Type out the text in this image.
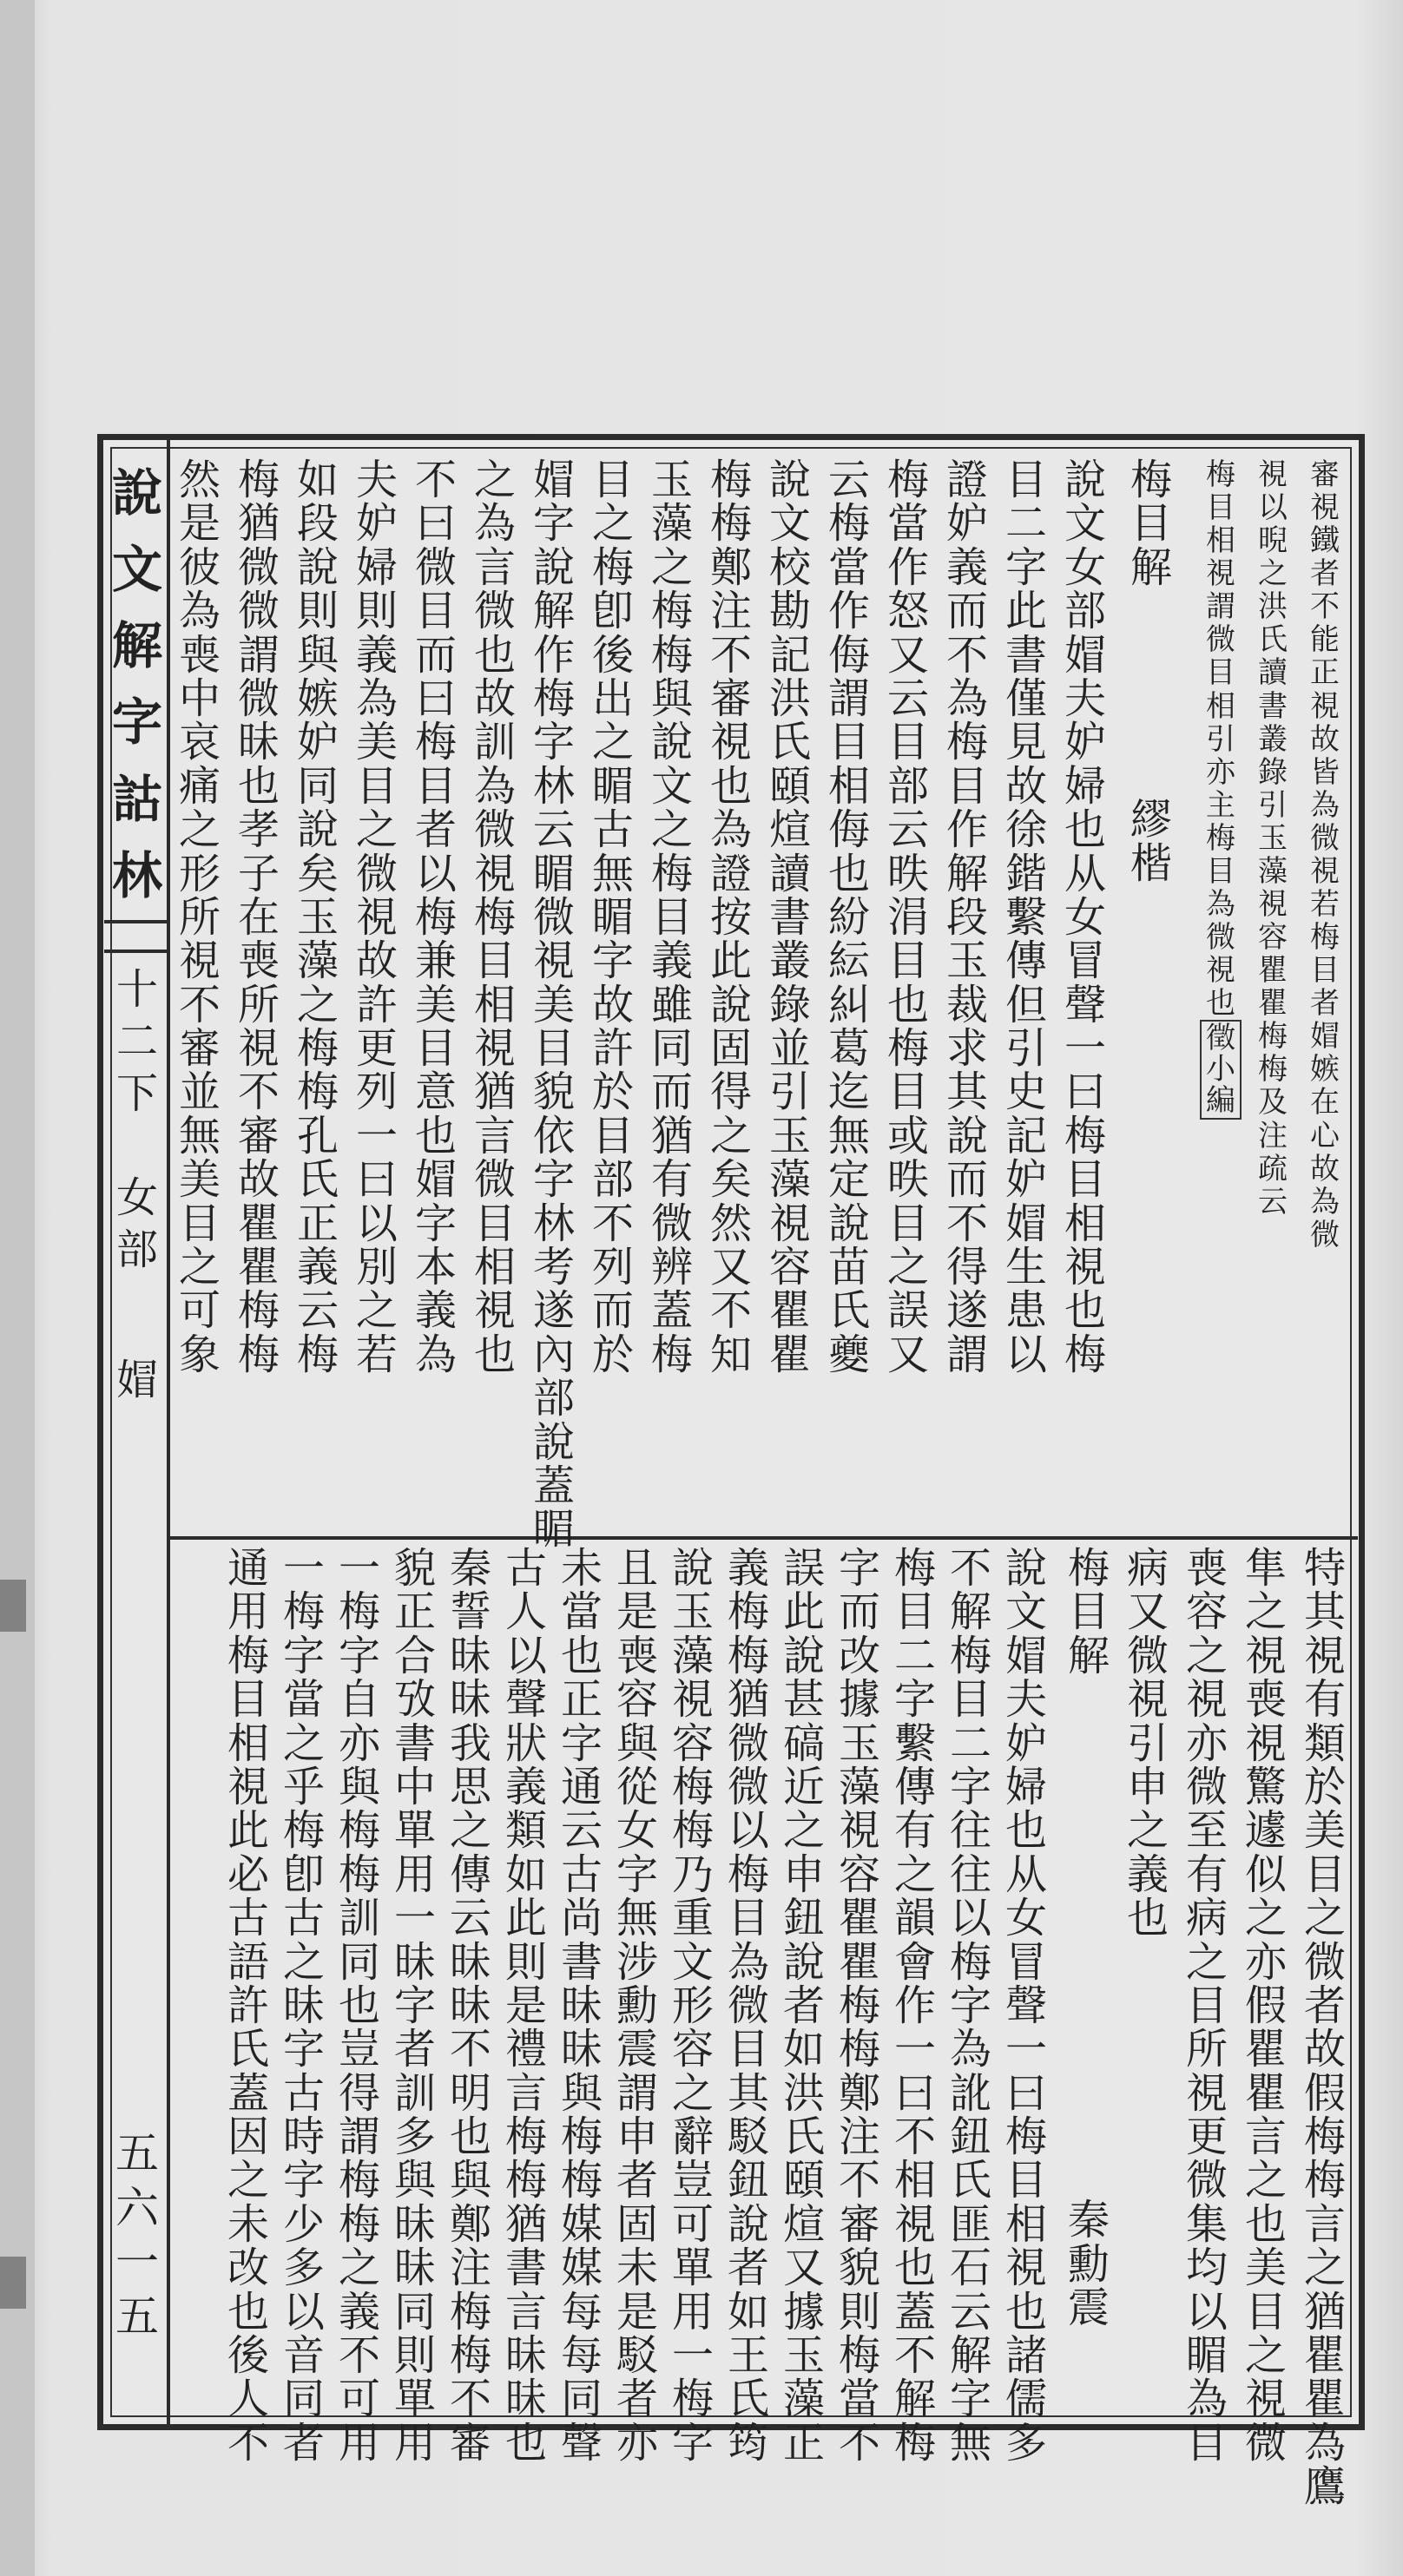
說文解字詁林
十二下
女部
媢
五六一五
審視鐵者不能正視故皆為微視若梅目者媢嫉在心故為微
視以晲之洪氏讀書叢錄引玉藻視容瞿瞿梅梅及注疏云
梅目相視謂微目相引亦主梅目為微視也 徵小編
梅目解
繆 楷
說文女部媢夫妒婦也从女冒聲一曰梅目相視也梅
目二字此書僅見故徐鍇繫傳但引史記妒媢生患以
證妒義而不為梅目作解段玉裁求其說而不得遂謂
梅當作怒又云目部云昳涓目也梅目或昳目之誤又
云梅當作侮謂目相侮也紛紜糾葛迄無定說苗氏夔
說文校勘記洪氏頤煊讀書叢錄並引玉藻視容瞿瞿
梅梅鄭注不審視也為證按此說固得之矣然又不知
玉藻之梅梅與說文之梅目義雖同而猶有微辨蓋梅
目之梅卽後出之睸古無睸字故許於目部不列而於
媢字說解作梅字林云睸微視美目貌依字林考遂內部說蓋睸
之為言微也故訓為微視梅目相視猶言微目相視也
不曰微目而曰梅目者以梅兼美目意也媢字本義為
夫妒婦則義為美目之微視故許更列一曰以別之若
如段說則與嫉妒同說矣玉藻之梅梅孔氏正義云梅
梅猶微微謂微昧也孝子在喪所視不審故瞿瞿梅梅
然是彼為喪中哀痛之形所視不審並無美目之可象
特其視有類於美目之微者故假梅梅言之猶瞿瞿為鷹
隼之視喪視驚遽似之亦假瞿瞿言之也美目之視微
喪容之視亦微至有病之目所視更微集均以睸為目
病又微視引申之義也
梅目解
秦勳震
說文媢夫妒婦也从女冒聲一曰梅目相視也諸儒多
不解梅目二字往往以梅字為訛鈕氏匪石云解字無
梅目二字繫傳有之韻會作一曰不相視也蓋不解梅
字而改據玉藻視容瞿瞿梅梅鄭注不審貌則梅當不
誤此說甚碻近之申鈕說者如洪氏頤煊又據玉藻正
義梅梅猶微微以梅目為微目其駁鈕說者如王氏筠
說玉藻視容梅梅乃重文形容之辭豈可單用一梅字
且是喪容與從女字無涉勳震謂申者固未是駁者亦
未當也正字通云古尚書昧昧與梅梅媒媒每每同聲
古人以聲狀義類如此則是禮言梅梅猶書言昧昧也
秦誓昧昧我思之傳云昧昧不明也與鄭注梅梅不審
貌正合攷書中單用一昧字者訓多與昧昧同則單用
一梅字自亦與梅梅訓同也豈得謂梅梅之義不可用
一梅字當之乎梅卽古之昧字古時字少多以音同者
通用梅目相視此必古語許氏蓋因之未改也後人不
